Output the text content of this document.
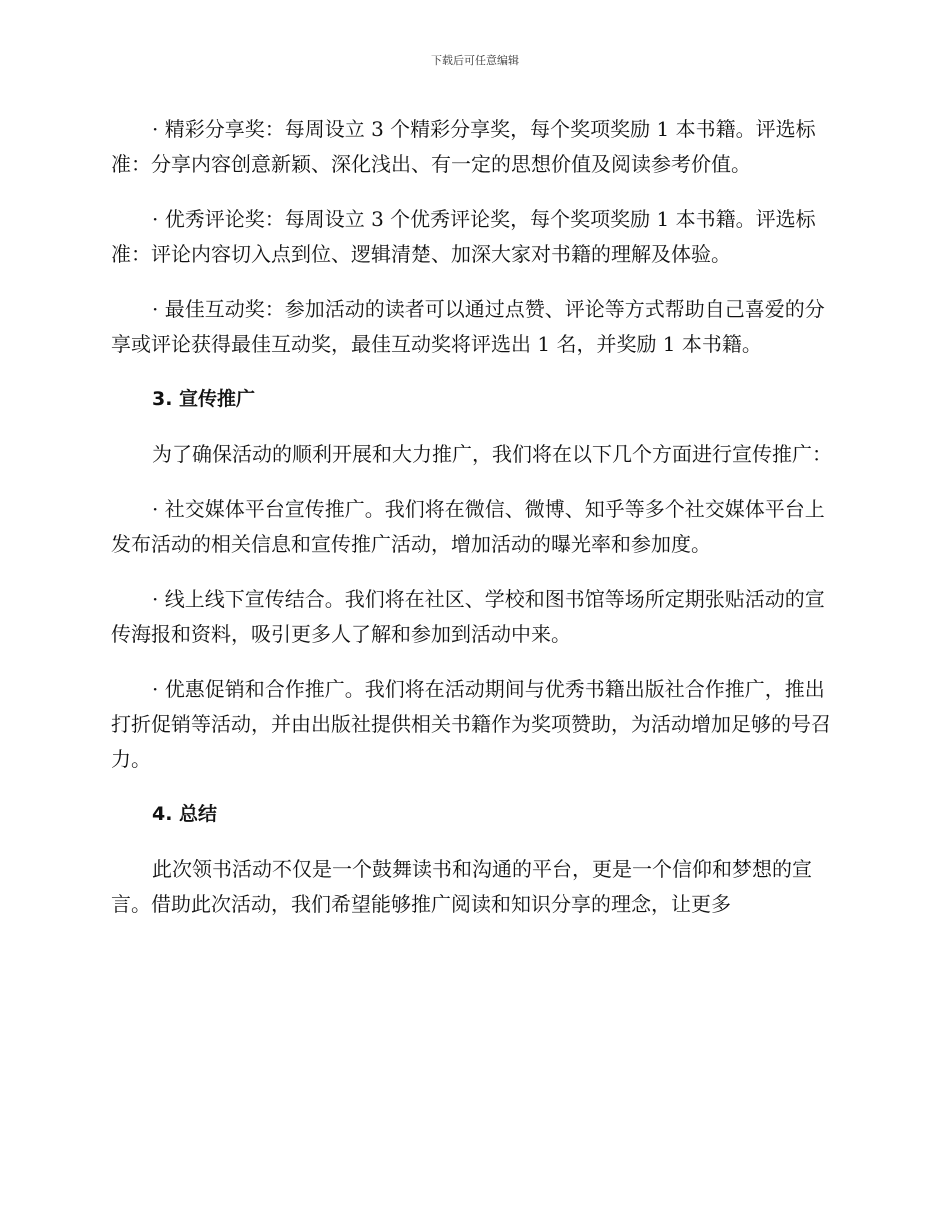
下载后可任意编辑

· 精彩分享奖：每周设立 3 个精彩分享奖，每个奖项奖励 1 本书籍。评选标准：分享内容创意新颖、深化浅出、有一定的思想价值及阅读参考价值。

· 优秀评论奖：每周设立 3 个优秀评论奖，每个奖项奖励 1 本书籍。评选标准：评论内容切入点到位、逻辑清楚、加深大家对书籍的理解及体验。

· 最佳互动奖：参加活动的读者可以通过点赞、评论等方式帮助自己喜爱的分享或评论获得最佳互动奖，最佳互动奖将评选出 1 名，并奖励 1 本书籍。

3. 宣传推广

为了确保活动的顺利开展和大力推广，我们将在以下几个方面进行宣传推广：

· 社交媒体平台宣传推广。我们将在微信、微博、知乎等多个社交媒体平台上发布活动的相关信息和宣传推广活动，增加活动的曝光率和参加度。

· 线上线下宣传结合。我们将在社区、学校和图书馆等场所定期张贴活动的宣传海报和资料，吸引更多人了解和参加到活动中来。

· 优惠促销和合作推广。我们将在活动期间与优秀书籍出版社合作推广，推出打折促销等活动，并由出版社提供相关书籍作为奖项赞助，为活动增加足够的号召力。

4. 总结

此次领书活动不仅是一个鼓舞读书和沟通的平台，更是一个信仰和梦想的宣言。借助此次活动，我们希望能够推广阅读和知识分享的理念，让更多
